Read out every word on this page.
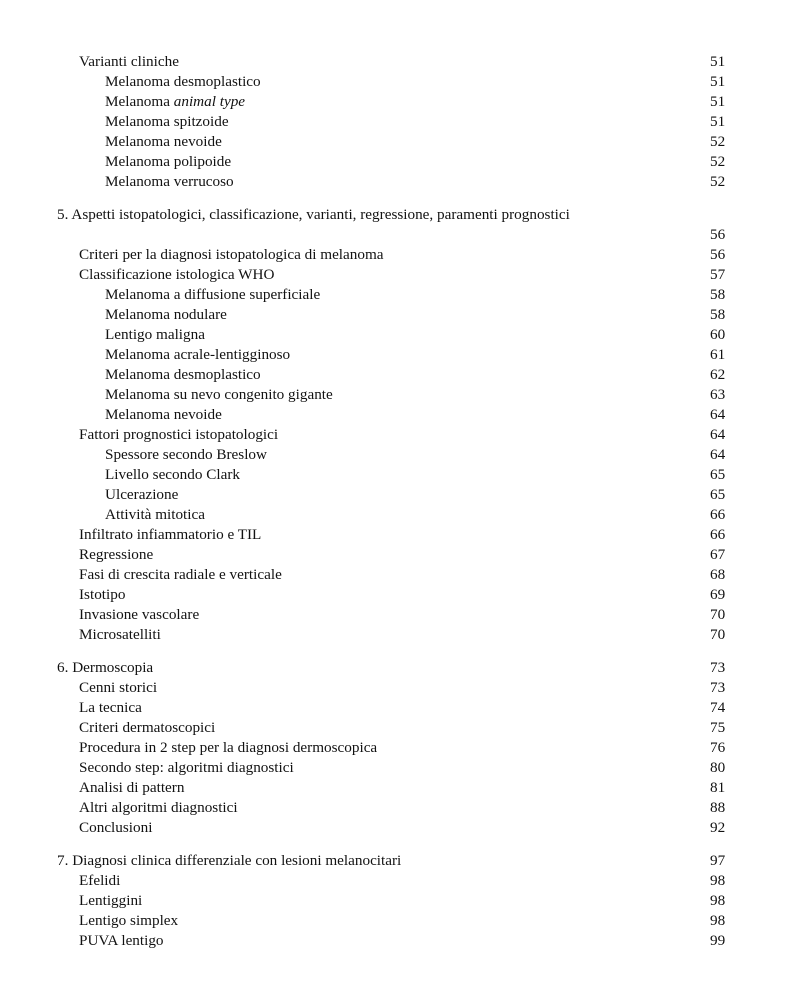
Varianti cliniche	51
Melanoma desmoplastico	51
Melanoma animal type	51
Melanoma spitzoide	51
Melanoma nevoide	52
Melanoma polipoide	52
Melanoma verrucoso	52
5. Aspetti istopatologici, classificazione, varianti, regressione, paramenti prognostici
56
Criteri per la diagnosi istopatologica di melanoma	56
Classificazione istologica WHO	57
Melanoma a diffusione superficiale	58
Melanoma nodulare	58
Lentigo maligna	60
Melanoma acrale-lentigginoso	61
Melanoma desmoplastico	62
Melanoma su nevo congenito gigante	63
Melanoma nevoide	64
Fattori prognostici istopatologici	64
Spessore secondo Breslow	64
Livello secondo Clark	65
Ulcerazione	65
Attività mitotica	66
Infiltrato infiammatorio e TIL	66
Regressione	67
Fasi di crescita radiale e verticale	68
Istotipo	69
Invasione vascolare	70
Microsatelliti	70
6. Dermoscopia	73
Cenni storici	73
La tecnica	74
Criteri dermatoscopici	75
Procedura in 2 step per la diagnosi dermoscopica	76
Secondo step: algoritmi diagnostici	80
Analisi di pattern	81
Altri algoritmi diagnostici	88
Conclusioni	92
7. Diagnosi clinica differenziale con lesioni melanocitari	97
Efelidi	98
Lentiggini	98
Lentigo simplex	98
PUVA lentigo	99
